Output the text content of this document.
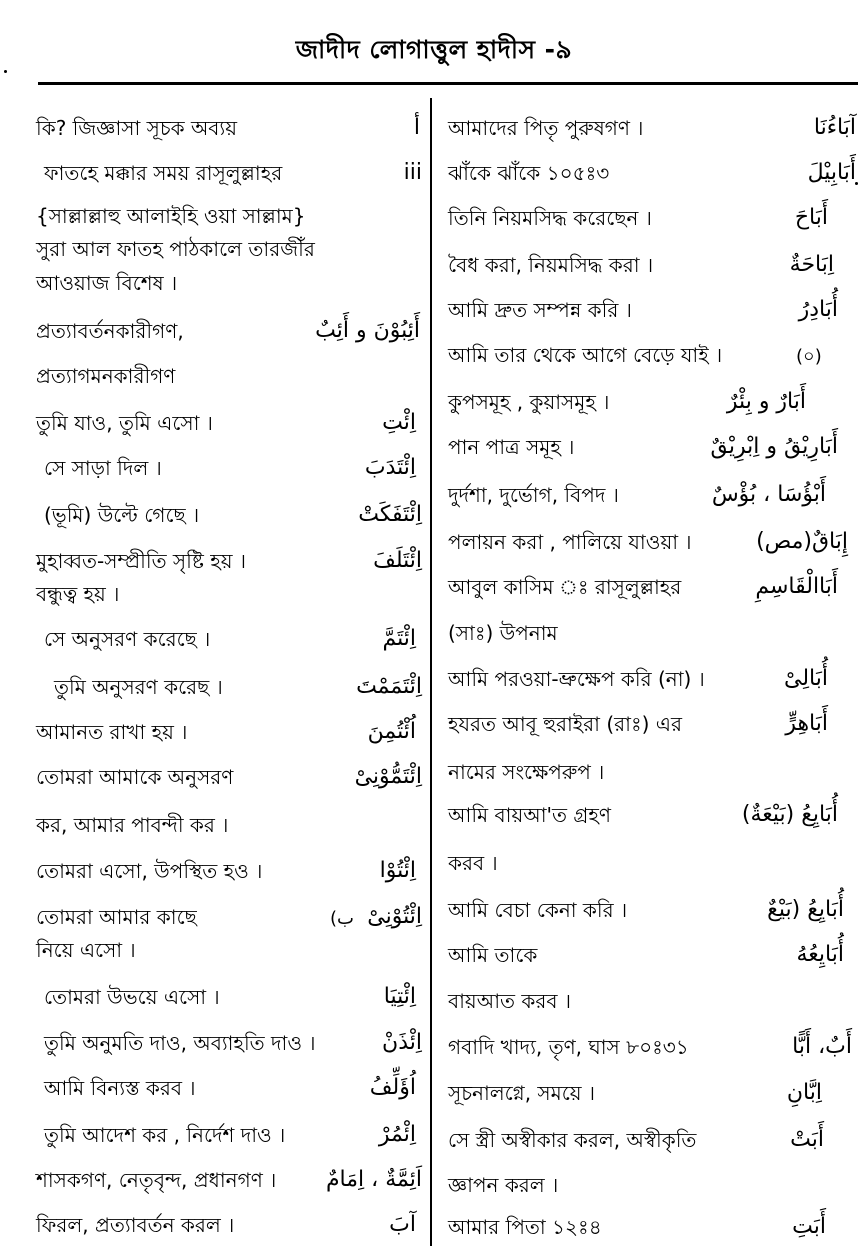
জাদীদ লোগাত্তুল হাদীস -৯
কি? জিজ্ঞাসা সূচক অব্যয়	أ
ফাতহে মক্কার সময় রাসূলুল্লাহর	iii
{সাল্লাল্লাহু আলাইহি ওয়া সাল্লাম}
সুরা আল ফাতহ পাঠকালে তারজীঁর
আওয়াজ বিশেষ ।
প্রত্যাবর্তনকারীগণ,	أَئِبُوْنَ و أَئِبٌ
প্রত্যাগমনকারীগণ
তুমি যাও, তুমি এসো ।	اِئْتِ
সে সাড়া দিল ।	اِئْتَدَبَ
(ভূমি) উল্টে গেছে ।	اِئْتَفَكَتْ
মুহাব্বত-সম্প্রীতি সৃষ্টি হয় ।	اِئْتَلَفَ
বন্ধুত্ব হয় ।
সে অনুসরণ করেছে ।	اِئْتَمَّ
তুমি অনুসরণ করেছ ।	اِئْتَمَمْتَ
আমানত রাখা হয় ।	اُئْتُمِنَ
তোমরা আমাকে অনুসরণ	اِئْتَمُّوْنِىْ
কর, আমার পাবন্দী কর ।
তোমরা এসো, উপস্থিত হও ।	اِئْتُوْا
তোমরা আমার কাছে	(ب اِئْتُوْنِىْ
নিয়ে এসো ।
তোমরা উভয়ে এসো ।	اِئْتِيَا
তুমি অনুমতি দাও, অব্যাহতি দাও ।	اِئْذَنْ
আমি বিন্যস্ত করব ।	اُؤَلِّفُ
তুমি আদেশ কর , নির্দেশ দাও ।	اِئْمُرْ
শাসকগণ, নেতৃবৃন্দ, প্রধানগণ । اَئِمَّةٌ ، اِمَامٌ
ফিরল, প্রত্যাবর্তন করল ।	آبَ
আমাদের পিতৃ পুরুষগণ ।	آبَاءُنَا
ঝাঁকে ঝাঁকে ১০৫ঃ৩	أَبَابِيْلَ
তিনি নিয়মসিদ্ধ করেছেন ।	أَبَاحَ
বৈধ করা, নিয়মসিদ্ধ করা ।	اِبَاحَةٌ
আমি দ্রুত সম্পন্ন করি ।	أُبَادِرُ
আমি তার থেকে আগে বেড়ে যাই ।	(০)
কুপসমূহ , কুয়াসমূহ ।	أَبَارٌ و بِئْرٌ
পান পাত্র সমূহ ।	أَبَارِيْقُ و اِبْرِيْقٌ
দুর্দশা, দুর্ভোগ, বিপদ ।	أَبْؤُسَا ، بُؤْسٌ
পলায়ন করা , পালিয়ে যাওয়া ।	إِبَاقٌ(مص)
আবুল কাসিম ঃ রাসূলুল্লাহর	أَبَاالْقَاسِمِ
(সাঃ) উপনাম
আমি পরওয়া-ভ্রুক্ষেপ করি (না) ।	أُبَالِىْ
হযরত আবূ হুরাইরা (রাঃ) এর	أَبَاهِرٍّ
নামের সংক্ষেপরুপ ।
আমি বায়আ'ত গ্রহণ	أُبَايِعُ (بَيْعَةٌ)
করব ।
আমি বেচা কেনা করি ।	أُبَايِعُ (بَيْعٌ
আমি তাকে	أُبَايِعُهُ
বায়আত করব ।
গবাদি খাদ্য, তৃণ, ঘাস ৮০ঃ৩১	أَبٌ، أَبًّا
সূচনালগ্নে, সময়ে ।	اِبَّانِ
সে স্ত্রী অস্বীকার করল, অস্বীকৃতি	أَبَتْ
জ্ঞাপন করল ।
আমার পিতা ১২ঃ৪	أَبَتِ
